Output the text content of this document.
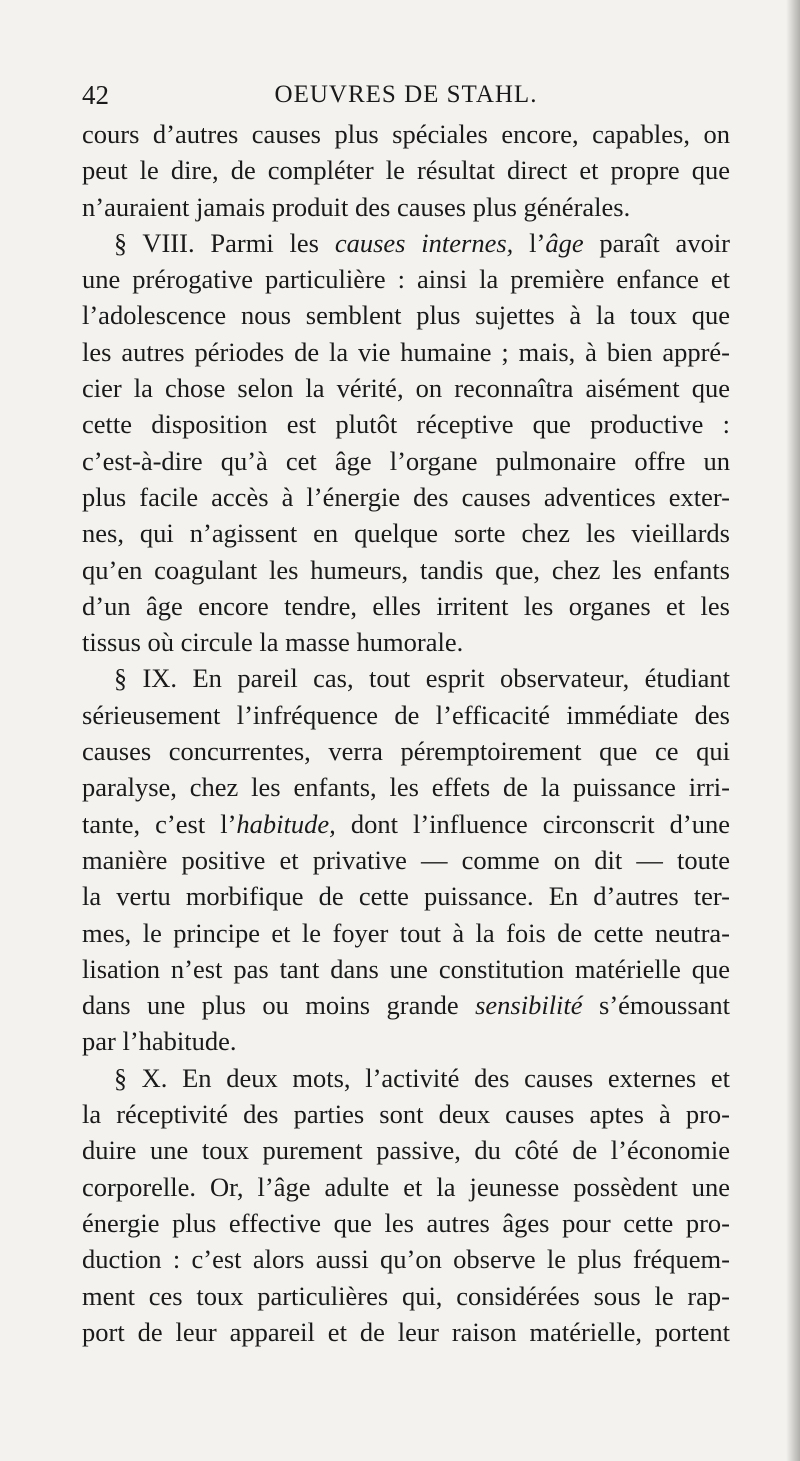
42	OEUVRES DE STAHL.
cours d’autres causes plus spéciales encore, capables, on
peut le dire, de compléter le résultat direct et propre que
n’auraient jamais produit des causes plus générales.
§ VIII. Parmi les causes internes, l’âge paraît avoir
une prérogative particulière : ainsi la première enfance et
l’adolescence nous semblent plus sujettes à la toux que
les autres périodes de la vie humaine ; mais, à bien appré-
cier la chose selon la vérité, on reconnaîtra aisément que
cette disposition est plutôt réceptive que productive :
c’est-à-dire qu’à cet âge l’organe pulmonaire offre un
plus facile accès à l’énergie des causes adventices exter-
nes, qui n’agissent en quelque sorte chez les vieillards
qu’en coagulant les humeurs, tandis que, chez les enfants
d’un âge encore tendre, elles irritent les organes et les
tissus où circule la masse humorale.
§ IX. En pareil cas, tout esprit observateur, étudiant
sérieusement l’infréquence de l’efficacité immédiate des
causes concurrentes, verra péremptoirement que ce qui
paralyse, chez les enfants, les effets de la puissance irri-
tante, c’est l’habitude, dont l’influence circonscrit d’une
manière positive et privative — comme on dit — toute
la vertu morbifique de cette puissance. En d’autres ter-
mes, le principe et le foyer tout à la fois de cette neutra-
lisation n’est pas tant dans une constitution matérielle que
dans une plus ou moins grande sensibilité s’émoussant
par l’habitude.
§ X. En deux mots, l’activité des causes externes et
la réceptivité des parties sont deux causes aptes à pro-
duire une toux purement passive, du côté de l’économie
corporelle. Or, l’âge adulte et la jeunesse possèdent une
énergie plus effective que les autres âges pour cette pro-
duction : c’est alors aussi qu’on observe le plus fréquem-
ment ces toux particulières qui, considérées sous le rap-
port de leur appareil et de leur raison matérielle, portent
